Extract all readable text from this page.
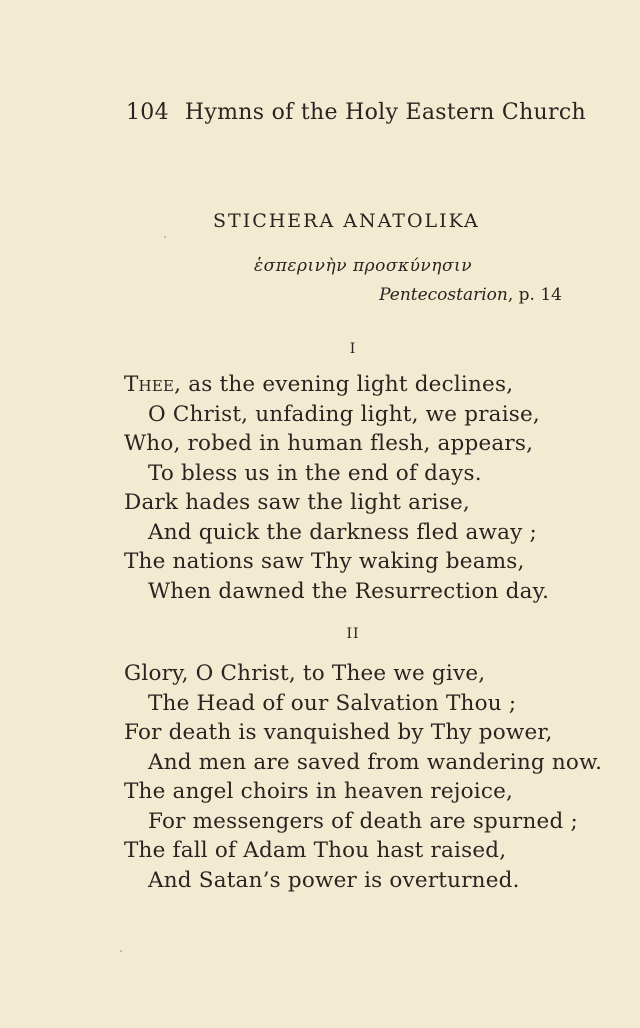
104 Hymns of the Holy Eastern Church
STICHERA ANATOLIKA
ἑσπερινὴν προσκύνησιν
Pentecostarion, p. 14
I
Thee, as the evening light declines,
O Christ, unfading light, we praise,
Who, robed in human flesh, appears,
To bless us in the end of days.
Dark hades saw the light arise,
And quick the darkness fled away ;
The nations saw Thy waking beams,
When dawned the Resurrection day.
II
Glory, O Christ, to Thee we give,
The Head of our Salvation Thou ;
For death is vanquished by Thy power,
And men are saved from wandering now.
The angel choirs in heaven rejoice,
For messengers of death are spurned ;
The fall of Adam Thou hast raised,
And Satan’s power is overturned.
